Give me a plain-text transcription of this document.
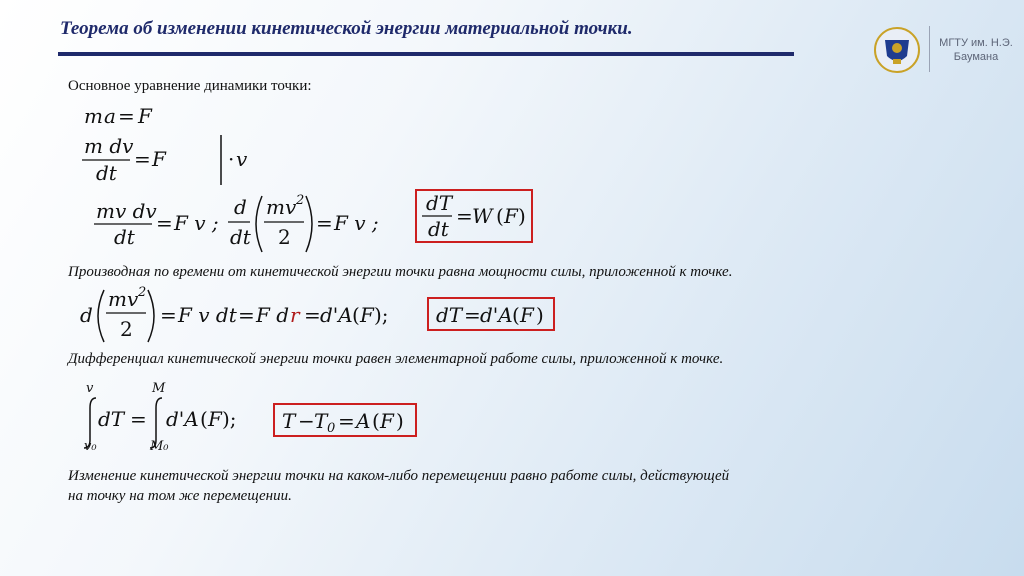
Теорема об изменении кинетической энергии материальной точки.
МГТУ им. Н.Э.
Баумана
Основное уравнение динамики точки:
m a = F
m dv
dt
= F	· v
mv dv
dt
= F v ;
d
dt
mv 2
2
= F v ;
dT
dt
= W ( F )
d
mv 2
2
= F v dt = F d r = d'A ( F ); dT = d'A ( F )
v
v₀
dT =
M
M₀
d'A ( F ); T − T 0 = A ( F )
Производная по времени от кинетической энергии точки равна мощности силы, приложенной к точке.
Дифференциал кинетической энергии точки равен элементарной работе силы, приложенной к точке.
Изменение кинетической энергии точки на каком-либо перемещении равно работе силы, действующей
на точку на том же перемещении.
